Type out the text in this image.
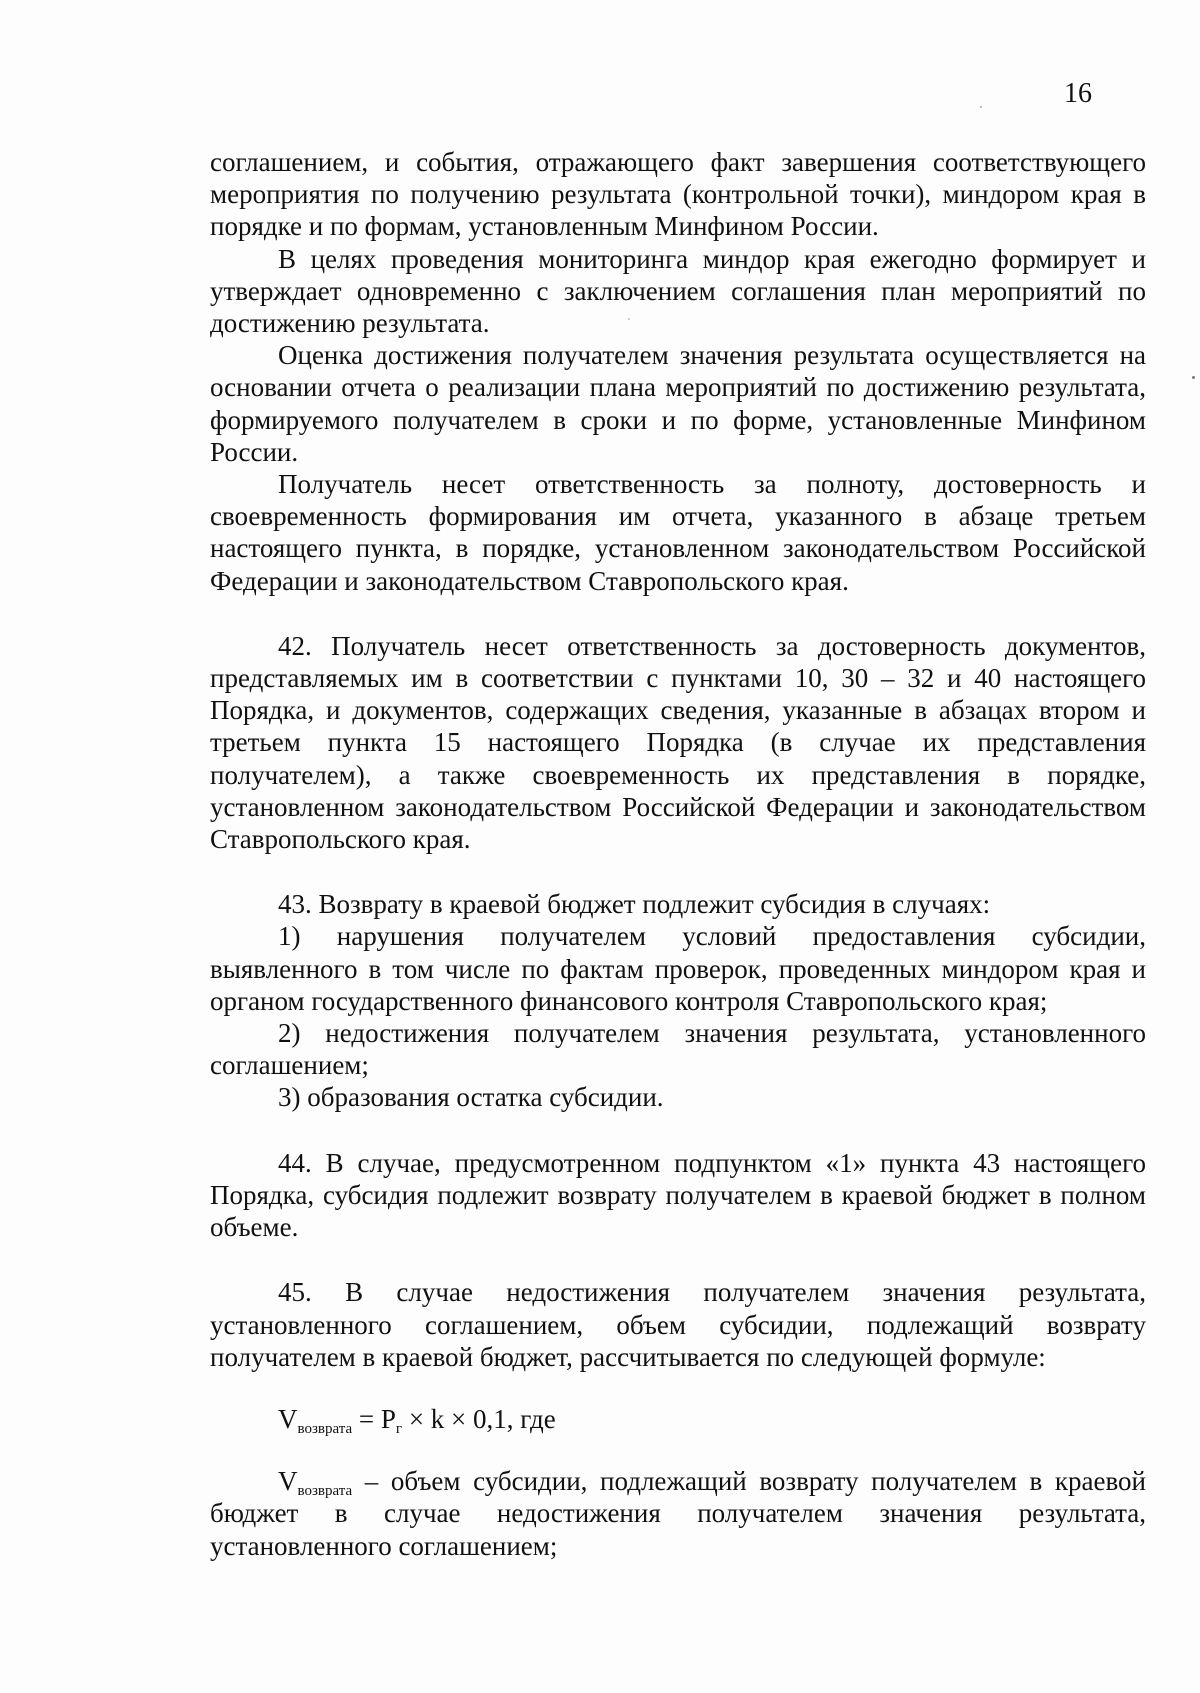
16

соглашением, и события, отражающего факт завершения соответствующего мероприятия по получению результата (контрольной точки), миндором края в порядке и по формам, установленным Минфином России.

В целях проведения мониторинга миндор края ежегодно формирует и утверждает одновременно с заключением соглашения план мероприятий по достижению результата.

Оценка достижения получателем значения результата осуществляется на основании отчета о реализации плана мероприятий по достижению результата, формируемого получателем в сроки и по форме, установленные Минфином России.

Получатель несет ответственность за полноту, достоверность и своевременность формирования им отчета, указанного в абзаце третьем настоящего пункта, в порядке, установленном законодательством Российской Федерации и законодательством Ставропольского края.

42. Получатель несет ответственность за достоверность документов, представляемых им в соответствии с пунктами 10, 30 – 32 и 40 настоящего Порядка, и документов, содержащих сведения, указанные в абзацах втором и третьем пункта 15 настоящего Порядка (в случае их представления получателем), а также своевременность их представления в порядке, установленном законодательством Российской Федерации и законодательством Ставропольского края.

43. Возврату в краевой бюджет подлежит субсидия в случаях:

1) нарушения получателем условий предоставления субсидии, выявленного в том числе по фактам проверок, проведенных миндором края и органом государственного финансового контроля Ставропольского края;

2) недостижения получателем значения результата, установленного соглашением;

3) образования остатка субсидии.

44. В случае, предусмотренном подпунктом «1» пункта 43 настоящего Порядка, субсидия подлежит возврату получателем в краевой бюджет в полном объеме.

45. В случае недостижения получателем значения результата, установленного соглашением, объем субсидии, подлежащий возврату получателем в краевой бюджет, рассчитывается по следующей формуле:

$V_{возврата} = P_г \times k \times 0,1$, где

$V_{возврата}$ – объем субсидии, подлежащий возврату получателем в краевой бюджет в случае недостижения получателем значения результата, установленного соглашением;
